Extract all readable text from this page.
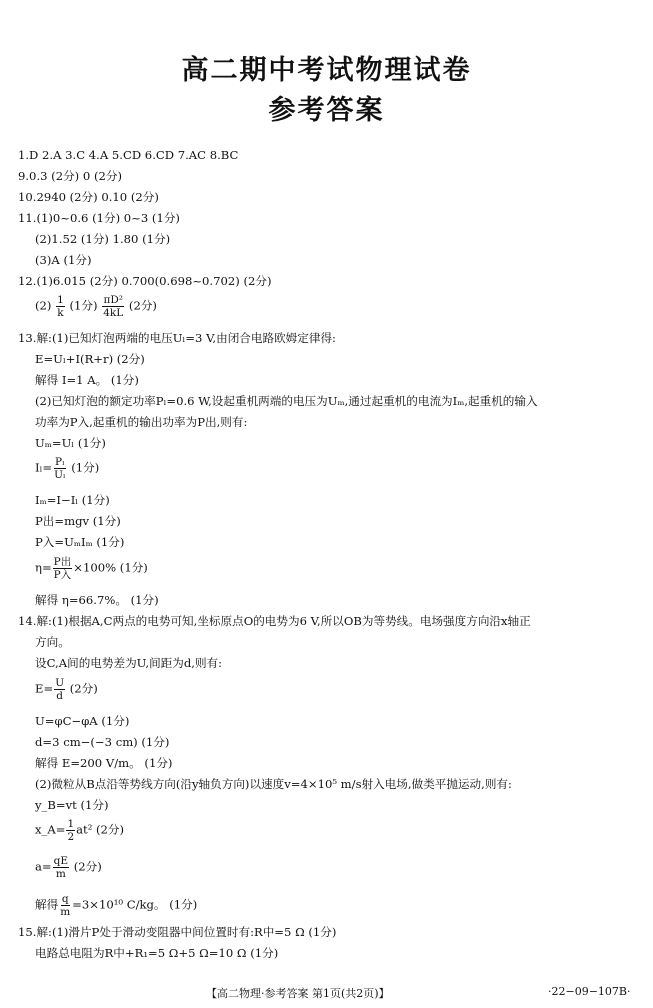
高二期中考试物理试卷
参考答案
1.D 2.A 3.C 4.A 5.CD 6.CD 7.AC 8.BC
9.0.3 (2分) 0 (2分)
10.2940 (2分) 0.10 (2分)
11.(1)0~0.6 (1分) 0~3 (1分)
(2)1.52 (1分) 1.80 (1分)
(3)A (1分)
12.(1)6.015 (2分) 0.700(0.698~0.702) (2分)
$(2) \frac{1}{k} (1$分) $\frac{\text{πD²}}{4kL} (2$分)
13.解:(1)已知灯泡两端的电压Uₗ=3 V,由闭合电路欧姆定律得:
E=Uₗ+I(R+r) (2分)
解得 I=1 A。 (1分)
(2)已知灯泡的额定功率Pₗ=0.6 W,设起重机两端的电压为Uₘ,通过起重机的电流为Iₘ,起重机的输入
功率为P入,起重机的输出功率为P出,则有:
Uₘ=Uₗ (1分)
$I_l= \frac{\text{Pₗ}}{\text{Uₗ}} (1$分)
Iₘ=I−Iₗ (1分)
P出=mgv (1分)
P入=UₘIₘ (1分)
$\eta= \frac{\text{P出}}{\text{P入}} \times 100\%$ (1分)
解得 η=66.7%。 (1分)
14.解:(1)根据A,C两点的电势可知,坐标原点O的电势为6 V,所以OB为等势线。电场强度方向沿x轴正
方向。
设C,A间的电势差为U,间距为d,则有:
$E= \frac{U}{d} (2$分)
U=φC−φA (1分)
d=3 cm−(−3 cm) (1分)
解得 E=200 V/m。 (1分)
(2)微粒从B点沿等势线方向(沿y轴负方向)以速度v=4×10⁵ m/s射入电场,做类平抛运动,则有:
y_B=vt (1分)
x_A= $\frac{1}{2} at^2$ (2分)
$a= \frac{qE}{m} (2$分)
解得 $\frac{q}{m} =3\times 10^{10}$ C/kg。 (1分)
15.解:(1)滑片P处于滑动变阻器中间位置时有:R中=5 Ω (1分)
电路总电阻为R中+R₁=5 Ω+5 Ω=10 Ω (1分)
【高二物理·参考答案 第1页(共2页)】	·22−09−107B·
